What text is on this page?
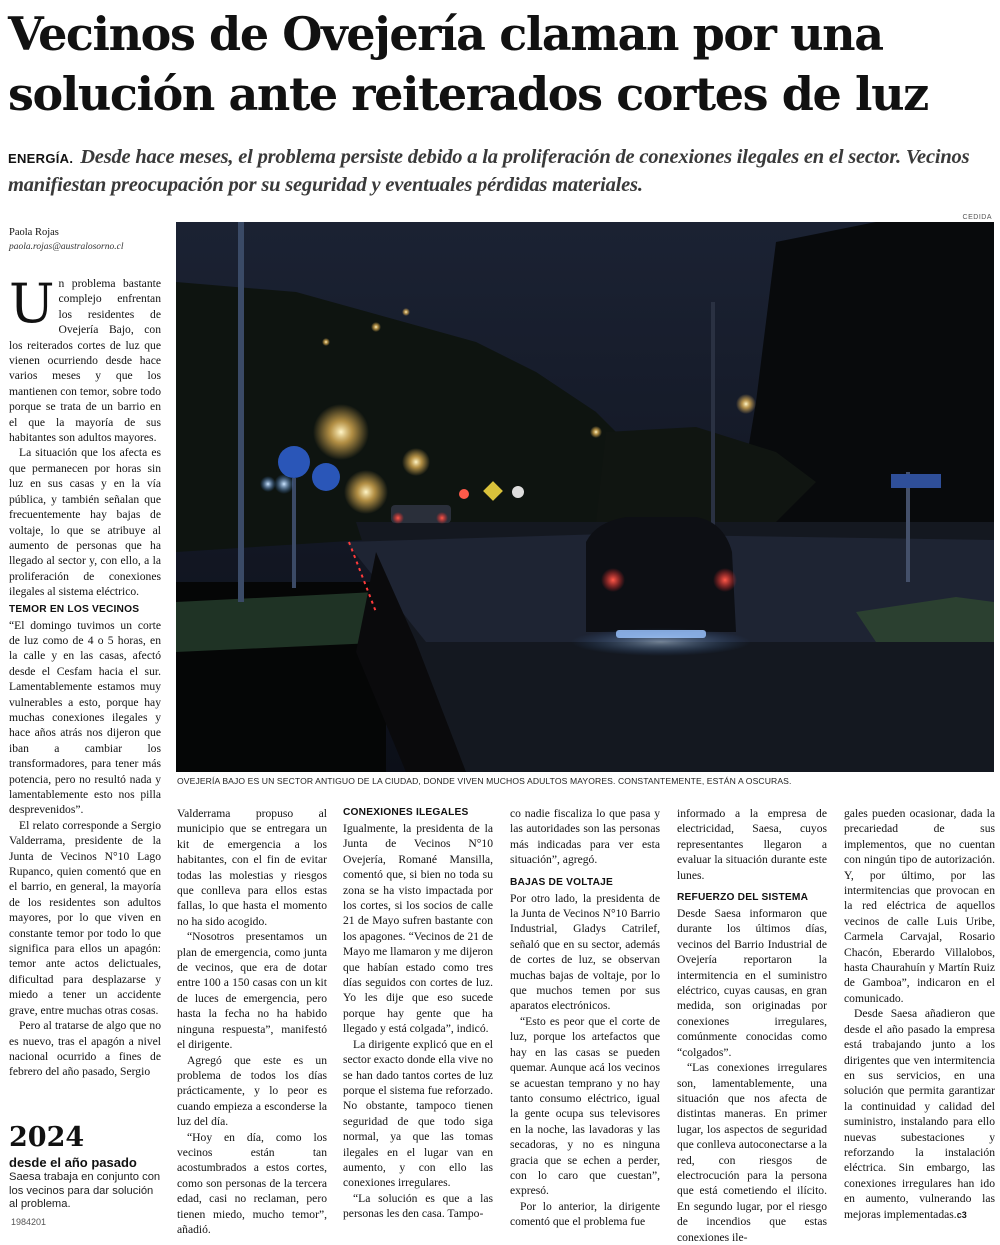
Vecinos de Ovejería claman por una solución ante reiterados cortes de luz

ENERGÍA. Desde hace meses, el problema persiste debido a la proliferación de conexiones ilegales en el sector. Vecinos manifiestan preocupación por su seguridad y eventuales pérdidas materiales.

CEDIDA

OVEJERÍA BAJO ES UN SECTOR ANTIGUO DE LA CIUDAD, DONDE VIVEN MUCHOS ADULTOS MAYORES. CONSTANTEMENTE, ESTÁN A OSCURAS.

Paola Rojas

paola.rojas@australosorno.cl

Un problema bastante complejo enfrentan los residentes de Ovejería Bajo, con los reiterados cortes de luz que vienen ocurriendo desde hace varios meses y que los mantienen con temor, sobre todo porque se trata de un barrio en el que la mayoría de sus habitantes son adultos mayores.

La situación que los afecta es que permanecen por horas sin luz en sus casas y en la vía pública, y también señalan que frecuentemente hay bajas de voltaje, lo que se atribuye al aumento de personas que ha llegado al sector y, con ello, a la proliferación de conexiones ilegales al sistema eléctrico.

TEMOR EN LOS VECINOS

“El domingo tuvimos un corte de luz como de 4 o 5 horas, en la calle y en las casas, afectó desde el Cesfam hacia el sur. Lamentablemente estamos muy vulnerables a esto, porque hay muchas conexiones ilegales y hace años atrás nos dijeron que iban a cambiar los transformadores, para tener más potencia, pero no resultó nada y lamentablemente esto nos pilla desprevenidos”.

El relato corresponde a Sergio Valderrama, presidente de la Junta de Vecinos N°10 Lago Rupanco, quien comentó que en el barrio, en general, la mayoría de los residentes son adultos mayores, por lo que viven en constante temor por todo lo que significa para ellos un apagón: temor ante actos delictuales, dificultad para desplazarse y miedo a tener un accidente grave, entre muchas otras cosas.

Pero al tratarse de algo que no es nuevo, tras el apagón a nivel nacional ocurrido a fines de febrero del año pasado, Sergio

2024

desde el año pasado

Saesa trabaja en conjunto con los vecinos para dar solución al problema.

1984201

Valderrama propuso al municipio que se entregara un kit de emergencia a los habitantes, con el fin de evitar todas las molestias y riesgos que conlleva para ellos estas fallas, lo que hasta el momento no ha sido acogido.

“Nosotros presentamos un plan de emergencia, como junta de vecinos, que era de dotar entre 100 a 150 casas con un kit de luces de emergencia, pero hasta la fecha no ha habido ninguna respuesta”, manifestó el dirigente.

Agregó que este es un problema de todos los días prácticamente, y lo peor es cuando empieza a esconderse la luz del día.

“Hoy en día, como los vecinos están tan acostumbrados a estos cortes, como son personas de la tercera edad, casi no reclaman, pero tienen miedo, mucho temor”, añadió.

CONEXIONES ILEGALES

Igualmente, la presidenta de la Junta de Vecinos N°10 Ovejería, Romané Mansilla, comentó que, si bien no toda su zona se ha visto impactada por los cortes, si los socios de calle 21 de Mayo sufren bastante con los apagones. “Vecinos de 21 de Mayo me llamaron y me dijeron que habían estado como tres días seguidos con cortes de luz. Yo les dije que eso sucede porque hay gente que ha llegado y está colgada”, indicó.

La dirigente explicó que en el sector exacto donde ella vive no se han dado tantos cortes de luz porque el sistema fue reforzado. No obstante, tampoco tienen seguridad de que todo siga normal, ya que las tomas ilegales en el lugar van en aumento, y con ello las conexiones irregulares.

“La solución es que a las personas les den casa. Tampo-

co nadie fiscaliza lo que pasa y las autoridades son las personas más indicadas para ver esta situación”, agregó.

BAJAS DE VOLTAJE

Por otro lado, la presidenta de la Junta de Vecinos N°10 Barrio Industrial, Gladys Catrilef, señaló que en su sector, además de cortes de luz, se observan muchas bajas de voltaje, por lo que muchos temen por sus aparatos electrónicos.

“Esto es peor que el corte de luz, porque los artefactos que hay en las casas se pueden quemar. Aunque acá los vecinos se acuestan temprano y no hay tanto consumo eléctrico, igual la gente ocupa sus televisores en la noche, las lavadoras y las secadoras, y no es ninguna gracia que se echen a perder, con lo caro que cuestan”, expresó.

Por lo anterior, la dirigente comentó que el problema fue

informado a la empresa de electricidad, Saesa, cuyos representantes llegaron a evaluar la situación durante este lunes.

REFUERZO DEL SISTEMA

Desde Saesa informaron que durante los últimos días, vecinos del Barrio Industrial de Ovejería reportaron la intermitencia en el suministro eléctrico, cuyas causas, en gran medida, son originadas por conexiones irregulares, comúnmente conocidas como “colgados”.

“Las conexiones irregulares son, lamentablemente, una situación que nos afecta de distintas maneras. En primer lugar, los aspectos de seguridad que conlleva autoconectarse a la red, con riesgos de electrocución para la persona que está cometiendo el ilícito. En segundo lugar, por el riesgo de incendios que estas conexiones ile-

gales pueden ocasionar, dada la precariedad de sus implementos, que no cuentan con ningún tipo de autorización. Y, por último, por las intermitencias que provocan en la red eléctrica de aquellos vecinos de calle Luis Uribe, Carmela Carvajal, Rosario Chacón, Eberardo Villalobos, hasta Chaurahuín y Martín Ruiz de Gamboa”, indicaron en el comunicado.

Desde Saesa añadieron que desde el año pasado la empresa está trabajando junto a los dirigentes que ven intermitencia en sus servicios, en una solución que permita garantizar la continuidad y calidad del suministro, instalando para ello nuevas subestaciones y reforzando la instalación eléctrica. Sin embargo, las conexiones irregulares han ido en aumento, vulnerando las mejoras implementadas.c3
